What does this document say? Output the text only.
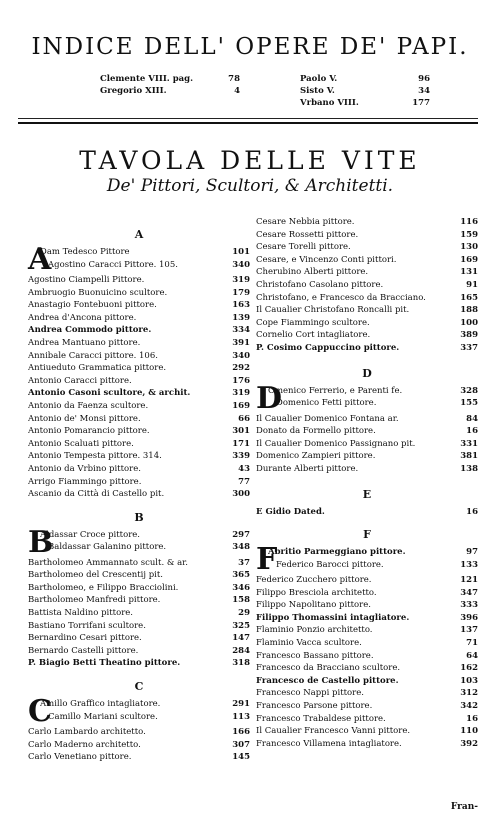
INDICE DELL' OPERE DE' PAPI.
Clemente VIII. pag.	78
Gregorio XIII.	4
Paolo V.	96
Sisto V.	34
Vrbano VIII.	177
TAVOLA DELLE VITE
De' Pittori, Scultori, & Architetti.
A
A
Dam Tedesco Pittore	101
Agostino Caracci Pittore. 105.	340
Agostino Ciampelli Pittore.	319
Ambruogio Buonuicino scultore.	179
Anastagio Fontebuoni pittore.	163
Andrea d'Ancona pittore.	139
Andrea Commodo pittore.	334
Andrea Mantuano pittore.	391
Annibale Caracci pittore. 106.	340
Antiueduto Grammatica pittore.	292
Antonio Caracci pittore.	176
Antonio Casoni scultore, & archit.	319
Antonio da Faenza scultore.	169
Antonio de' Monsi pittore.	66
Antonio Pomarancio pittore.	301
Antonio Scaluati pittore.	171
Antonio Tempesta pittore. 314.	339
Antonio da Vrbino pittore.	43
Arrigo Fiammingo pittore.	77
Ascanio da Città di Castello pit.	300
B
B
Aldassar Croce pittore.	297
Baldassar Galanino pittore.	348
Bartholomeo Ammannato scult. & ar.	37
Bartholomeo del Crescentij pit.	365
Bartholomeo, e Filippo Bracciolini.	346
Bartholomeo Manfredi pittore.	158
Battista Naldino pittore.	29
Bastiano Torrifani scultore.	325
Bernardino Cesari pittore.	147
Bernardo Castelli pittore.	284
P. Biagio Betti Theatino pittore.	318
C
C
Amillo Graffico intagliatore.	291
Camillo Mariani scultore.	113
Carlo Lambardo architetto.	166
Carlo Maderno architetto.	307
Carlo Venetiano pittore.	145
Cesare Nebbia pittore.	116
Cesare Rossetti pittore.	159
Cesare Torelli pittore.	130
Cesare, e Vincenzo Conti pittori.	169
Cherubino Alberti pittore.	131
Christofano Casolano pittore.	91
Christofano, e Francesco da Bracciano.	165
Il Caualier Christofano Roncalli pit.	188
Cope Fiammingo scultore.	100
Cornelio Cort intagliatore.	389
P. Cosimo Cappuccino pittore.	337
D
D
Omenico Ferrerio, e Parenti fe.	328
Domenico Fetti pittore.	155
Il Caualier Domenico Fontana ar.	84
Donato da Formello pittore.	16
Il Caualier Domenico Passignano pit.	331
Domenico Zampieri pittore.	381
Durante Alberti pittore.	138
E
E Gidio Dated.	16
F
F
Abritio Parmeggiano pittore.	97
Federico Barocci pittore.	133
Federico Zucchero pittore.	121
Filippo Bresciola architetto.	347
Filippo Napolitano pittore.	333
Filippo Thomassini intagliatore.	396
Flaminio Ponzio architetto.	137
Flaminio Vacca scultore.	71
Francesco Bassano pittore.	64
Francesco da Bracciano scultore.	162
Francesco de Castello pittore.	103
Francesco Nappi pittore.	312
Francesco Parsone pittore.	342
Francesco Trabaldese pittore.	16
Il Caualier Francesco Vanni pittore.	110
Francesco Villamena intagliatore.	392
Fran-
